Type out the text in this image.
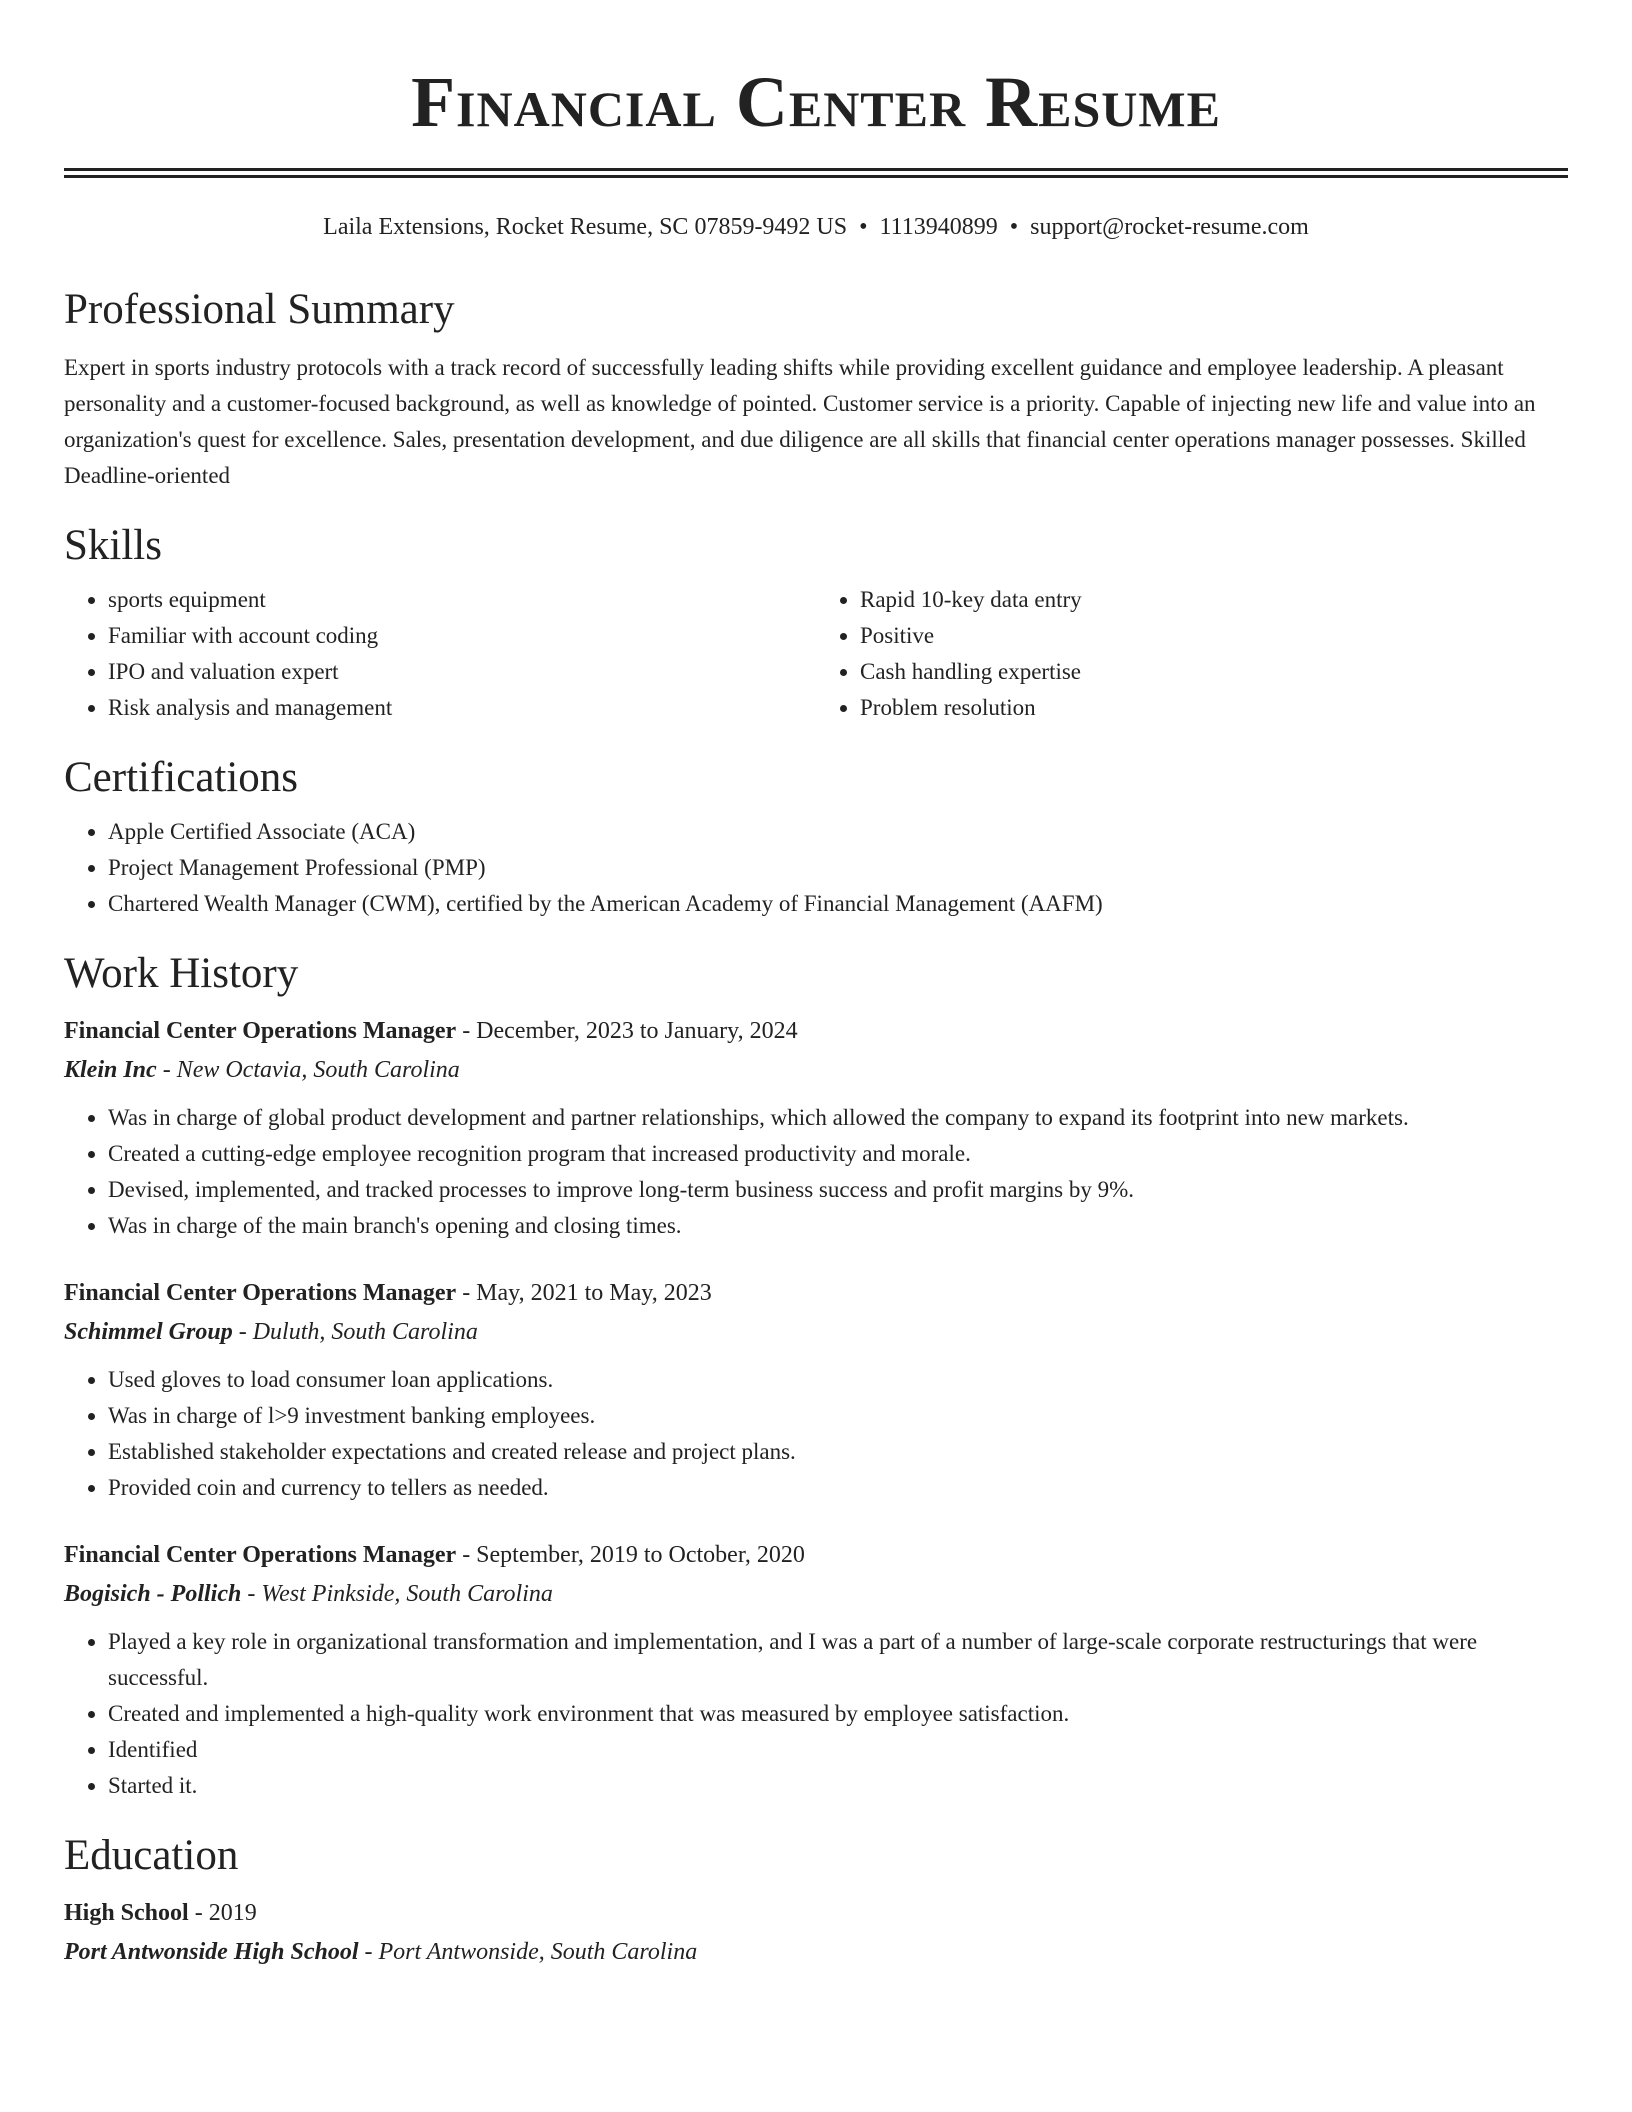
Financial Center Resume
Laila Extensions, Rocket Resume, SC 07859-9492 US • 1113940899 • support@rocket-resume.com
Professional Summary

Expert in sports industry protocols with a track record of successfully leading shifts while providing excellent guidance and employee leadership. A pleasant personality and a customer-focused background, as well as knowledge of pointed. Customer service is a priority. Capable of injecting new life and value into an organization's quest for excellence. Sales, presentation development, and due diligence are all skills that financial center operations manager possesses. Skilled Deadline-oriented

Skills
• sports equipment
• Familiar with account coding
• IPO and valuation expert
• Risk analysis and management
• Rapid 10-key data entry
• Positive
• Cash handling expertise
• Problem resolution
Certifications
• Apple Certified Associate (ACA)
• Project Management Professional (PMP)
• Chartered Wealth Manager (CWM), certified by the American Academy of Financial Management (AAFM)
Work History
Financial Center Operations Manager - December, 2023 to January, 2024
Klein Inc - New Octavia, South Carolina
• Was in charge of global product development and partner relationships, which allowed the company to expand its footprint into new markets.
• Created a cutting-edge employee recognition program that increased productivity and morale.
• Devised, implemented, and tracked processes to improve long-term business success and profit margins by 9%.
• Was in charge of the main branch's opening and closing times.
Financial Center Operations Manager - May, 2021 to May, 2023
Schimmel Group - Duluth, South Carolina
• Used gloves to load consumer loan applications.
• Was in charge of l>9 investment banking employees.
• Established stakeholder expectations and created release and project plans.
• Provided coin and currency to tellers as needed.
Financial Center Operations Manager - September, 2019 to October, 2020
Bogisich - Pollich - West Pinkside, South Carolina
• Played a key role in organizational transformation and implementation, and I was a part of a number of large-scale corporate restructurings that were successful.
• Created and implemented a high-quality work environment that was measured by employee satisfaction.
• Identified
• Started it.
Education
High School - 2019
Port Antwonside High School - Port Antwonside, South Carolina
